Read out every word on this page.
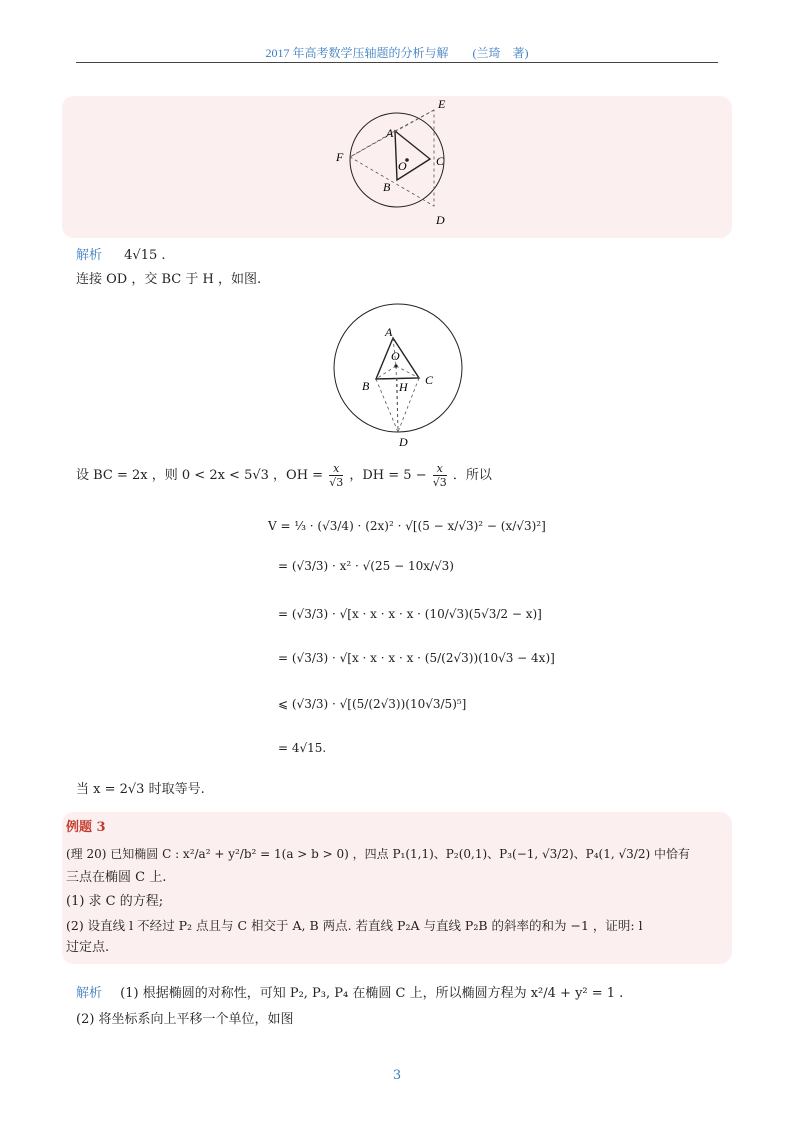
2017 年高考数学压轴题的分析与解　　(兰琦　著)
A
O C
B
E
F
D
解析 4√15 .
连接 OD ，交 BC 于 H ，如图.
A
O
B H C
D
设 BC = 2x ，则 0 < 2x < 5√3 ，OH = $\frac{x}{√3}$ ，DH = $5 - \frac{x}{√3}$ ．所以
V = ⅓ · (√3/4) · (2x)² · √[(5 − x/√3)² − (x/√3)²]
= (√3/3) · x² · √(25 − 10x/√3)
= (√3/3) · √[x · x · x · x · (10/√3)(5√3/2 − x)]
= (√3/3) · √[x · x · x · x · (5/(2√3))(10√3 − 4x)]
⩽ (√3/3) · √[(5/(2√3))(10√3/5)⁵]
= 4√15.
当 x = 2√3 时取等号.
例题 3
(理 20) 已知椭圆 C : x²/a² + y²/b² = 1(a > b > 0) ，四点 P₁(1,1)、P₂(0,1)、P₃(−1, √3/2)、P₄(1, √3/2) 中恰有
三点在椭圆 C 上.
(1) 求 C 的方程;
(2) 设直线 l 不经过 P₂ 点且与 C 相交于 A, B 两点. 若直线 P₂A 与直线 P₂B 的斜率的和为 −1 ，证明: l
过定点.
解析 (1) 根据椭圆的对称性，可知 P₂, P₃, P₄ 在椭圆 C 上，所以椭圆方程为 x²/4 + y² = 1 .
(2) 将坐标系向上平移一个单位，如图
3
